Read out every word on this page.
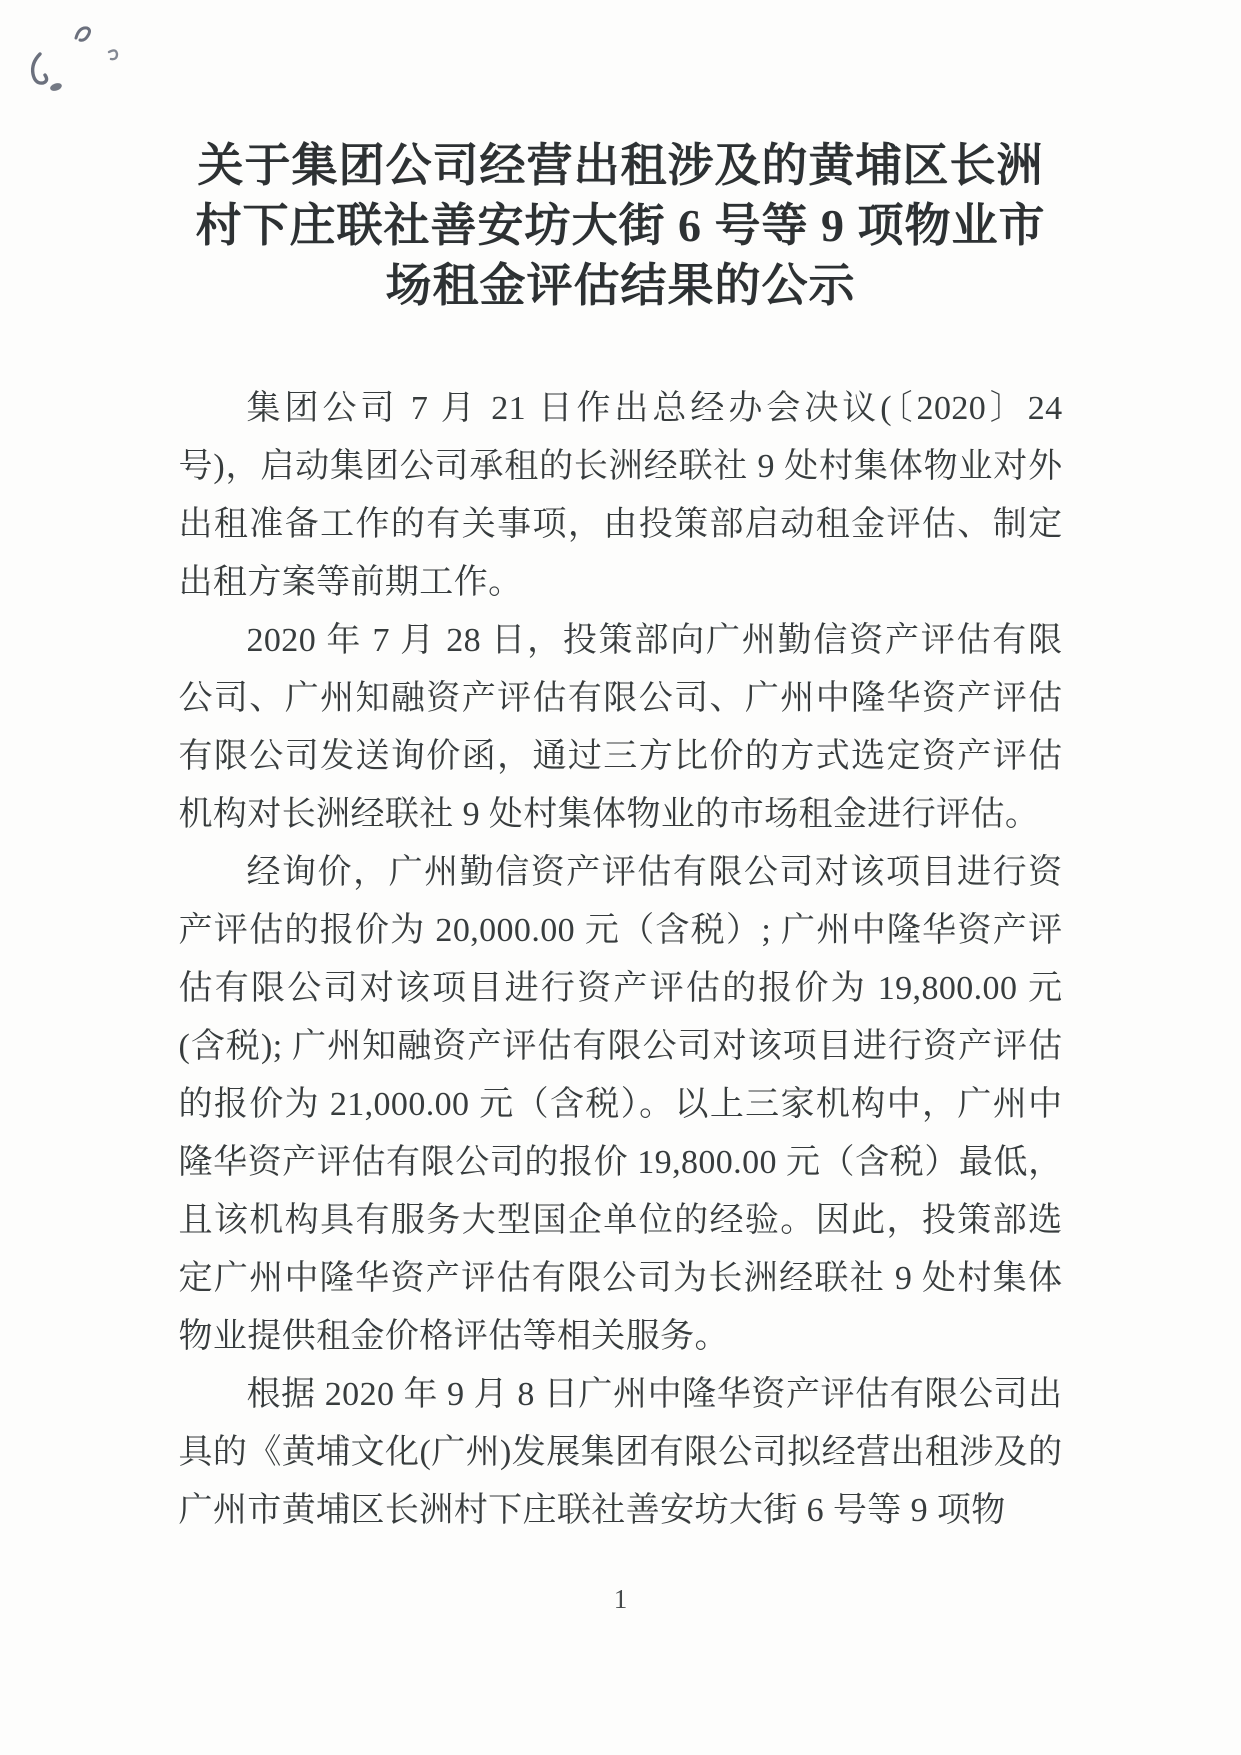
关于集团公司经营出租涉及的黄埔区长洲
村下庄联社善安坊大街 6 号等 9 项物业市
场租金评估结果的公示

集团公司 7 月 21 日作出总经办会决议(〔2020〕24 号)，启动集团公司承租的长洲经联社 9 处村集体物业对外出租准备工作的有关事项，由投策部启动租金评估、制定出租方案等前期工作。

2020 年 7 月 28 日，投策部向广州勤信资产评估有限公司、广州知融资产评估有限公司、广州中隆华资产评估有限公司发送询价函，通过三方比价的方式选定资产评估机构对长洲经联社 9 处村集体物业的市场租金进行评估。

经询价，广州勤信资产评估有限公司对该项目进行资产评估的报价为 20,000.00 元（含税）; 广州中隆华资产评估有限公司对该项目进行资产评估的报价为 19,800.00 元(含税); 广州知融资产评估有限公司对该项目进行资产评估的报价为 21,000.00 元（含税）。以上三家机构中，广州中隆华资产评估有限公司的报价 19,800.00 元（含税）最低，且该机构具有服务大型国企单位的经验。因此，投策部选定广州中隆华资产评估有限公司为长洲经联社 9 处村集体物业提供租金价格评估等相关服务。

根据 2020 年 9 月 8 日广州中隆华资产评估有限公司出具的《黄埔文化(广州)发展集团有限公司拟经营出租涉及的广州市黄埔区长洲村下庄联社善安坊大街 6 号等 9 项物

1
